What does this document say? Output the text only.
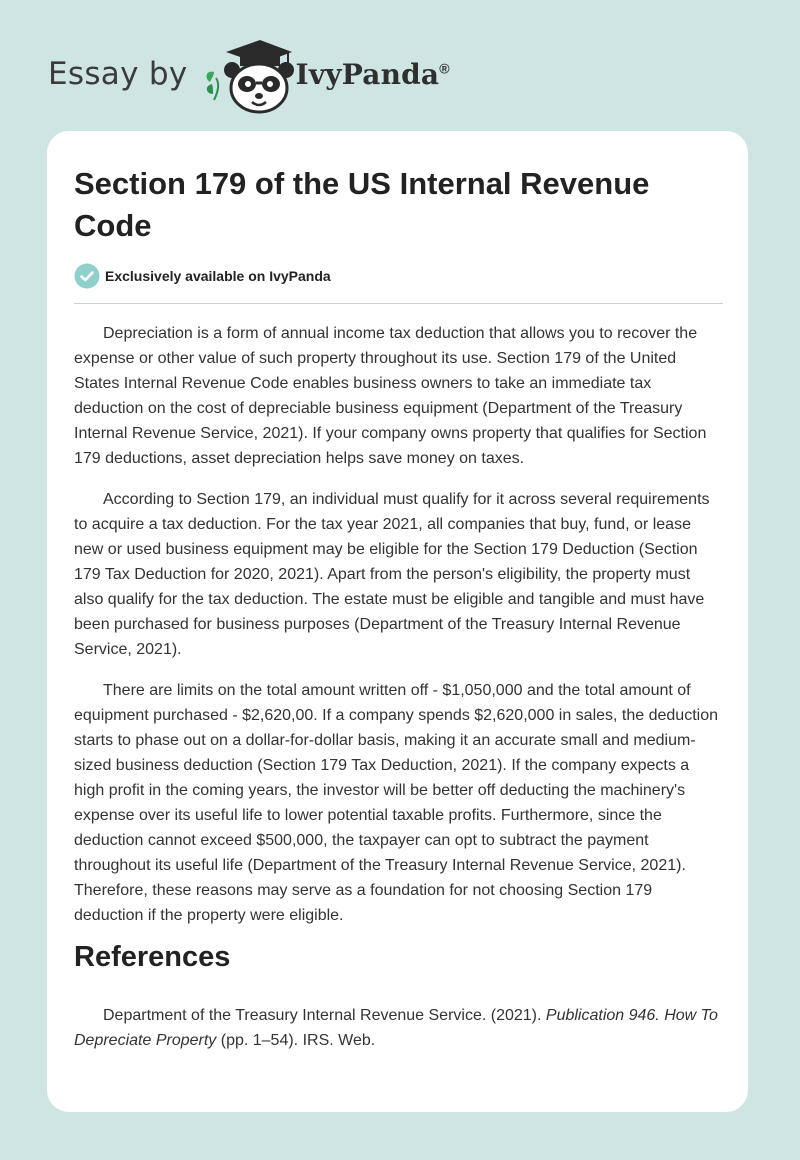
Essay by	IvyPanda®
Section 179 of the US Internal Revenue Code
Exclusively available on IvyPanda

Depreciation is a form of annual income tax deduction that allows you to recover the expense or other value of such property throughout its use. Section 179 of the United States Internal Revenue Code enables business owners to take an immediate tax deduction on the cost of depreciable business equipment (Department of the Treasury Internal Revenue Service, 2021). If your company owns property that qualifies for Section 179 deductions, asset depreciation helps save money on taxes.

According to Section 179, an individual must qualify for it across several requirements to acquire a tax deduction. For the tax year 2021, all companies that buy, fund, or lease new or used business equipment may be eligible for the Section 179 Deduction (Section 179 Tax Deduction for 2020, 2021). Apart from the person's eligibility, the property must also qualify for the tax deduction. The estate must be eligible and tangible and must have been purchased for business purposes (Department of the Treasury Internal Revenue Service, 2021).

There are limits on the total amount written off - $1,050,000 and the total amount of equipment purchased - $2,620,00. If a company spends $2,620,000 in sales, the deduction starts to phase out on a dollar-for-dollar basis, making it an accurate small and medium-sized business deduction (Section 179 Tax Deduction, 2021). If the company expects a high profit in the coming years, the investor will be better off deducting the machinery's expense over its useful life to lower potential taxable profits. Furthermore, since the deduction cannot exceed $500,000, the taxpayer can opt to subtract the payment throughout its useful life (Department of the Treasury Internal Revenue Service, 2021). Therefore, these reasons may serve as a foundation for not choosing Section 179 deduction if the property were eligible.

References

Department of the Treasury Internal Revenue Service. (2021). Publication 946. How To Depreciate Property (pp. 1–54). IRS. Web.
